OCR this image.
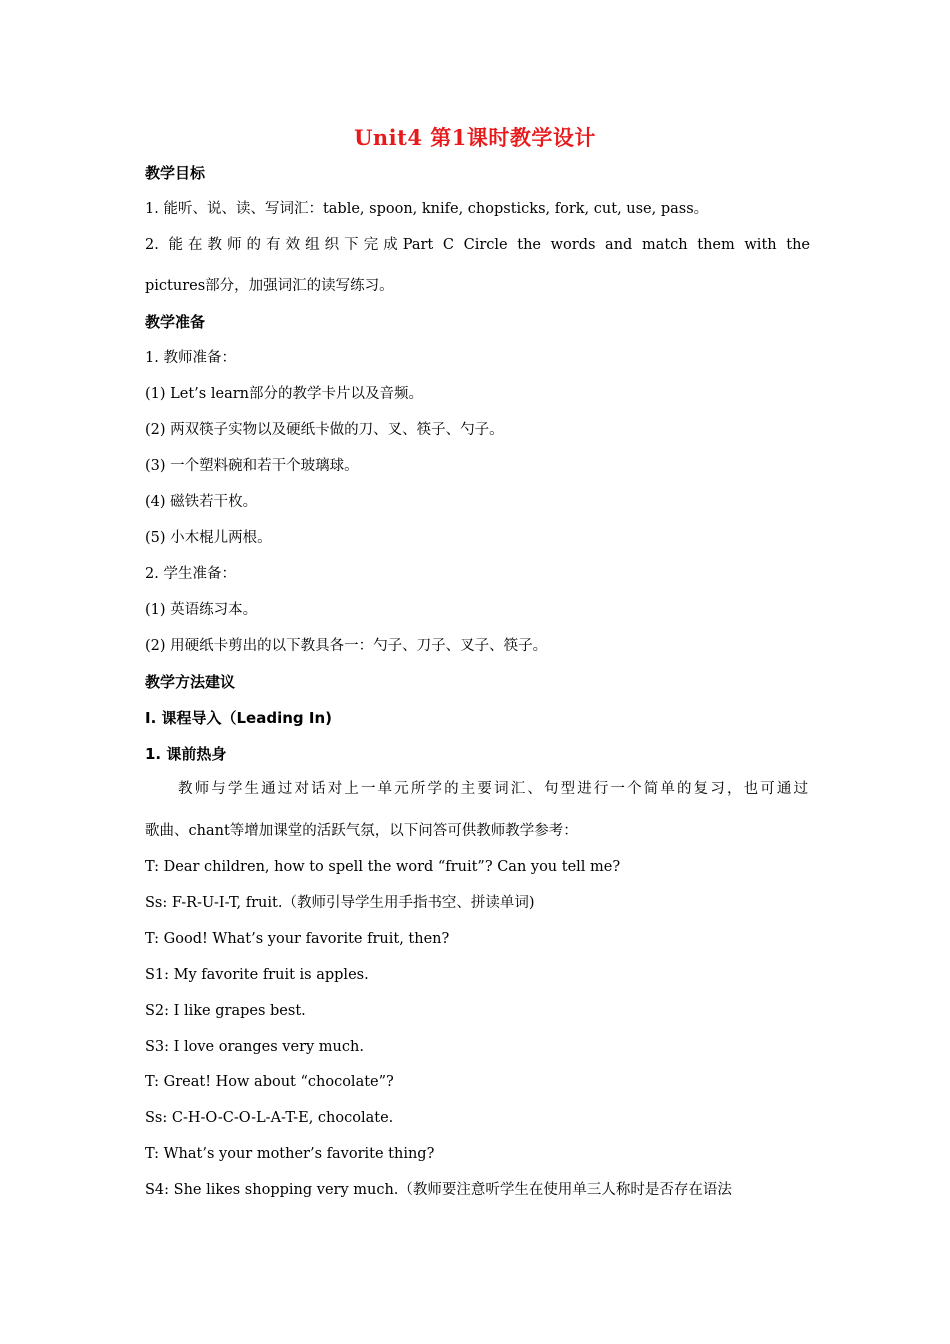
Unit4 第1课时教学设计
教学目标
1. 能听、说、读、写词汇：table, spoon, knife, chopsticks, fork, cut, use, pass。
2. 能在教师的有效组织下完成Part C Circle the words and match them with the
pictures部分，加强词汇的读写练习。
教学准备
1. 教师准备：
(1) Let’s learn部分的教学卡片以及音频。
(2) 两双筷子实物以及硬纸卡做的刀、叉、筷子、勺子。
(3) 一个塑料碗和若干个玻璃球。
(4) 磁铁若干枚。
(5) 小木棍儿两根。
2. 学生准备：
(1) 英语练习本。
(2) 用硬纸卡剪出的以下教具各一：勺子、刀子、叉子、筷子。
教学方法建议
I. 课程导入（Leading In)
1. 课前热身
教师与学生通过对话对上一单元所学的主要词汇、句型进行一个简单的复习，也可通过
歌曲、chant等增加课堂的活跃气氛，以下问答可供教师教学参考：
T: Dear children, how to spell the word “fruit”? Can you tell me?
Ss: F-R-U-I-T, fruit.（教师引导学生用手指书空、拼读单词)
T: Good! What’s your favorite fruit, then?
S1: My favorite fruit is apples.
S2: I like grapes best.
S3: I love oranges very much.
T: Great! How about “chocolate”?
Ss: C-H-O-C-O-L-A-T-E, chocolate.
T: What’s your mother’s favorite thing?
S4: She likes shopping very much.（教师要注意听学生在使用单三人称时是否存在语法
